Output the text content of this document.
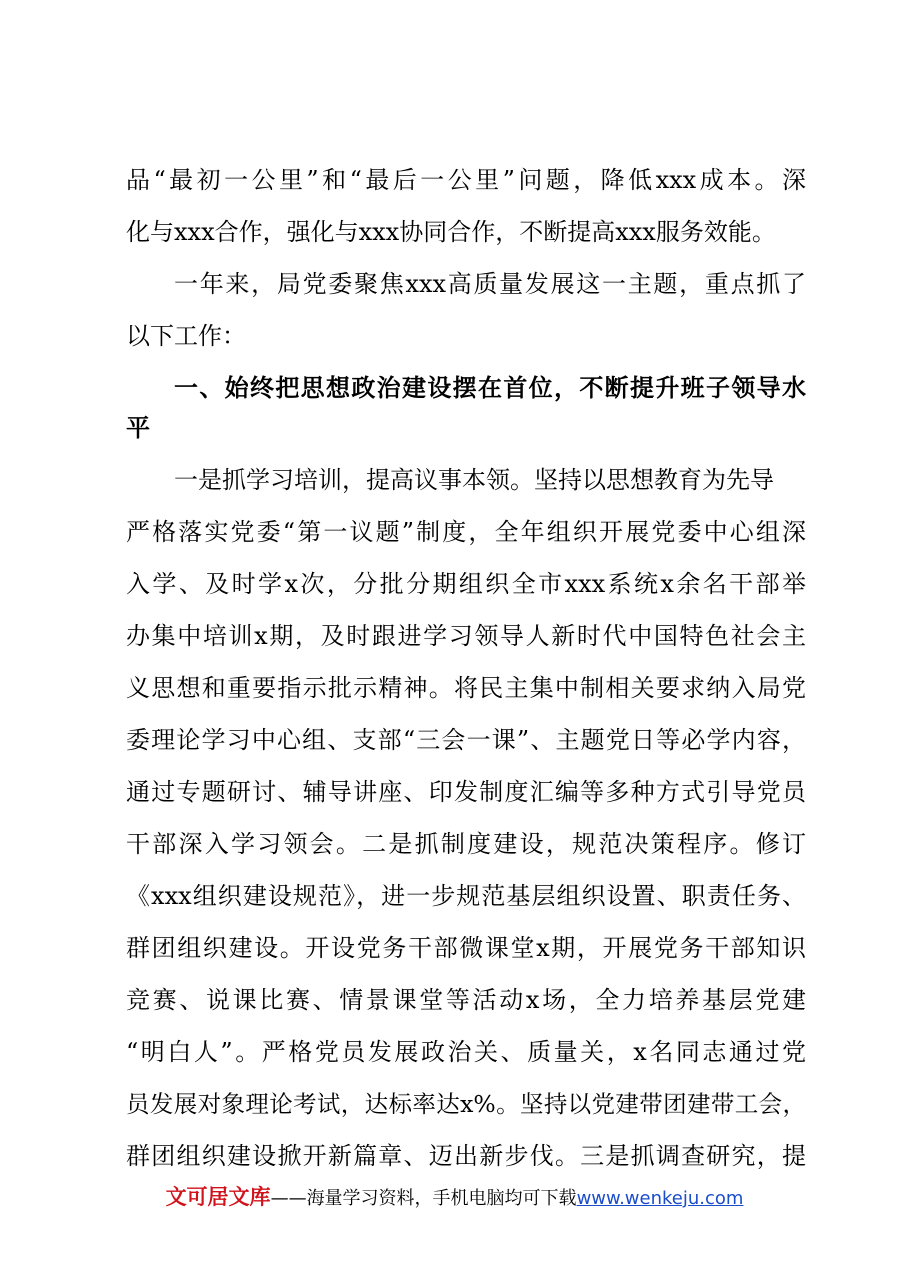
品“最初一公里”和“最后一公里”问题，降低xxx成本。深
化与xxx合作，强化与xxx协同合作，不断提高xxx服务效能。
一年来，局党委聚焦xxx高质量发展这一主题，重点抓了
以下工作：
一、始终把思想政治建设摆在首位，不断提升班子领导水
平
一是抓学习培训，提高议事本领。坚持以思想教育为先导
严格落实党委“第一议题”制度，全年组织开展党委中心组深
入学、及时学x次，分批分期组织全市xxx系统x余名干部举
办集中培训x期，及时跟进学习领导人新时代中国特色社会主
义思想和重要指示批示精神。将民主集中制相关要求纳入局党
委理论学习中心组、支部“三会一课”、主题党日等必学内容，
通过专题研讨、辅导讲座、印发制度汇编等多种方式引导党员
干部深入学习领会。二是抓制度建设，规范决策程序。修订
《xxx组织建设规范》，进一步规范基层组织设置、职责任务、
群团组织建设。开设党务干部微课堂x期，开展党务干部知识
竞赛、说课比赛、情景课堂等活动x场，全力培养基层党建
“明白人”。严格党员发展政治关、质量关，x名同志通过党
员发展对象理论考试，达标率达x%。坚持以党建带团建带工会，
群团组织建设掀开新篇章、迈出新步伐。三是抓调查研究，提
文可居文库——海量学习资料，手机电脑均可下载www.wenkeju.com
